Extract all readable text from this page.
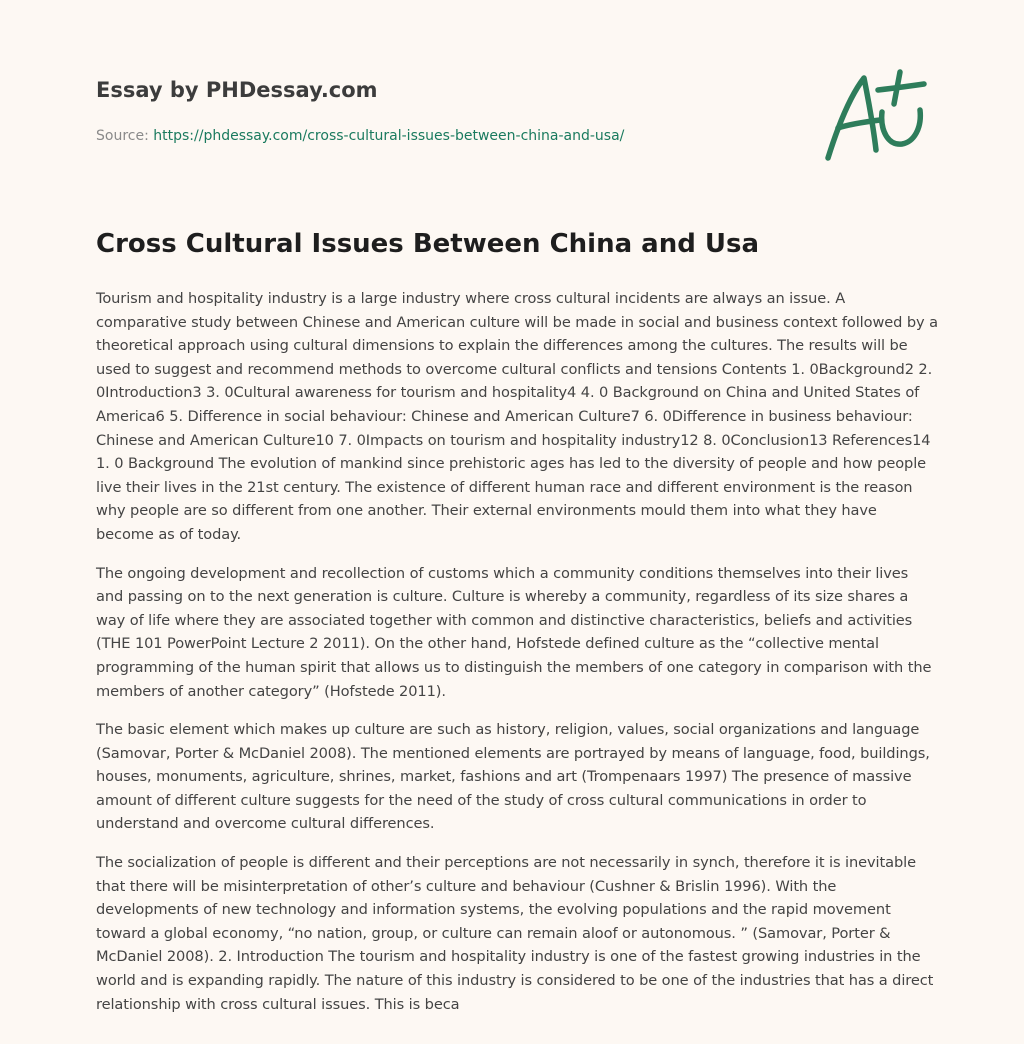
Essay by PHDessay.com
Source: https://phdessay.com/cross-cultural-issues-between-china-and-usa/
Cross Cultural Issues Between China and Usa

Tourism and hospitality industry is a large industry where cross cultural incidents are always an issue. A comparative study between Chinese and American culture will be made in social and business context followed by a theoretical approach using cultural dimensions to explain the differences among the cultures. The results will be used to suggest and recommend methods to overcome cultural conflicts and tensions Contents 1. 0Background2 2. 0Introduction3 3. 0Cultural awareness for tourism and hospitality4 4. 0 Background on China and United States of America6 5. Difference in social behaviour: Chinese and American Culture7 6. 0Difference in business behaviour: Chinese and American Culture10 7. 0Impacts on tourism and hospitality industry12 8. 0Conclusion13 References14 1. 0 Background The evolution of mankind since prehistoric ages has led to the diversity of people and how people live their lives in the 21st century. The existence of different human race and different environment is the reason why people are so different from one another. Their external environments mould them into what they have become as of today.

The ongoing development and recollection of customs which a community conditions themselves into their lives and passing on to the next generation is culture. Culture is whereby a community, regardless of its size shares a way of life where they are associated together with common and distinctive characteristics, beliefs and activities (THE 101 PowerPoint Lecture 2 2011). On the other hand, Hofstede defined culture as the “collective mental programming of the human spirit that allows us to distinguish the members of one category in comparison with the members of another category” (Hofstede 2011).

The basic element which makes up culture are such as history, religion, values, social organizations and language (Samovar, Porter & McDaniel 2008). The mentioned elements are portrayed by means of language, food, buildings, houses, monuments, agriculture, shrines, market, fashions and art (Trompenaars 1997) The presence of massive amount of different culture suggests for the need of the study of cross cultural communications in order to understand and overcome cultural differences.

The socialization of people is different and their perceptions are not necessarily in synch, therefore it is inevitable that there will be misinterpretation of other’s culture and behaviour (Cushner & Brislin 1996). With the developments of new technology and information systems, the evolving populations and the rapid movement toward a global economy, “no nation, group, or culture can remain aloof or autonomous. ” (Samovar, Porter & McDaniel 2008). 2. Introduction The tourism and hospitality industry is one of the fastest growing industries in the world and is expanding rapidly. The nature of this industry is considered to be one of the industries that has a direct relationship with cross cultural issues. This is beca
